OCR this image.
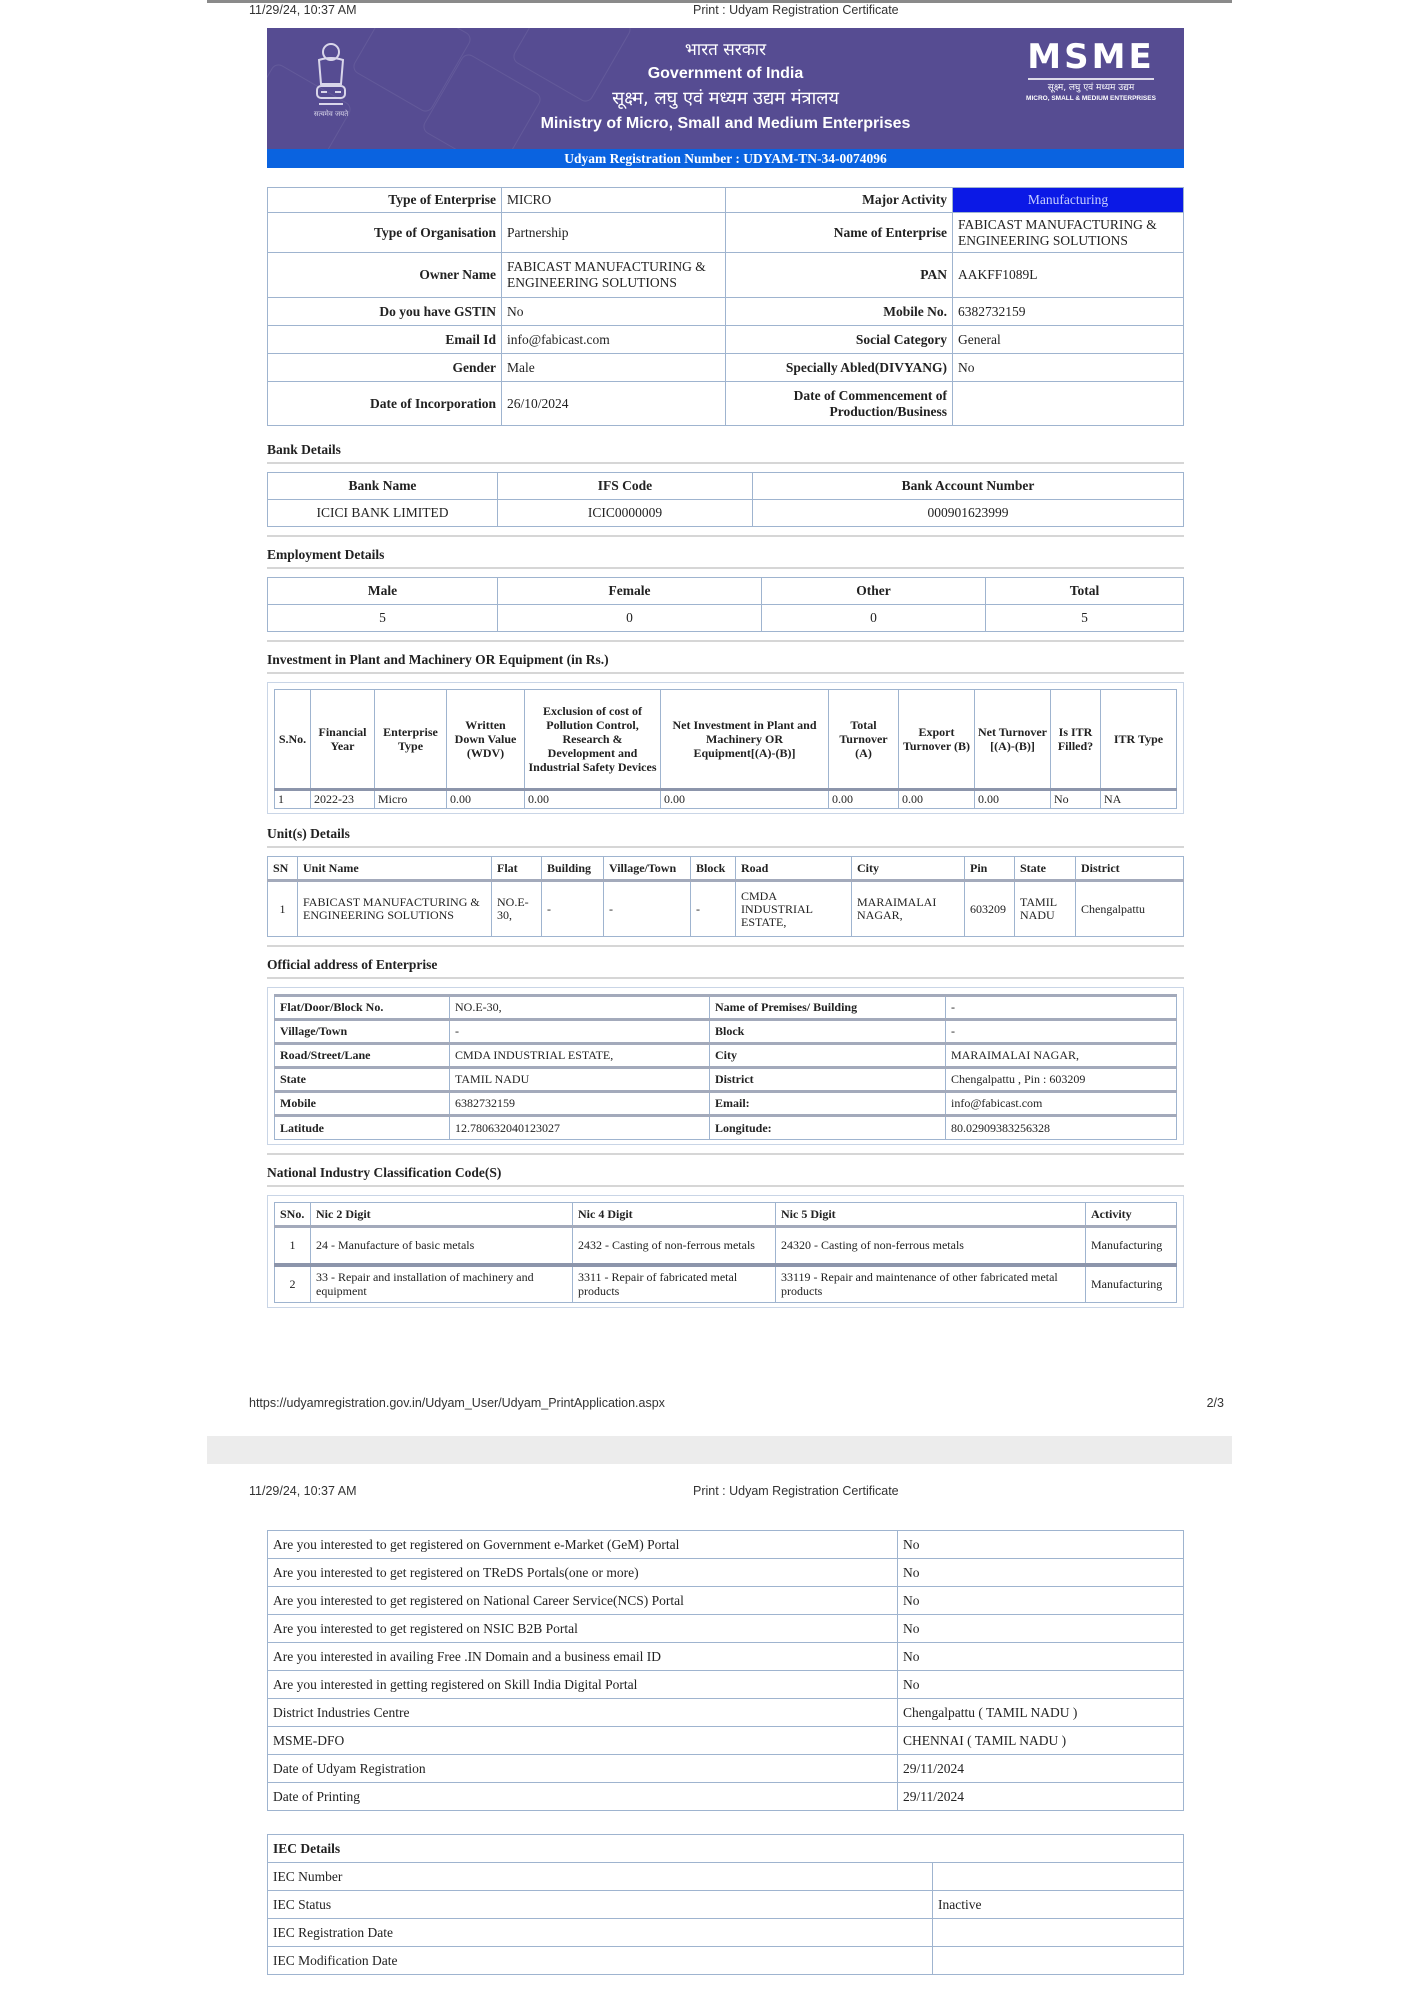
11/29/24, 10:37 AM	Print : Udyam Registration Certificate
सत्यमेव जयते
भारत सरकार
Government of India
सूक्ष्म, लघु एवं मध्यम उद्यम मंत्रालय
Ministry of Micro, Small and Medium Enterprises
MSME
सूक्ष्म, लघु एवं मध्यम उद्यम
MICRO, SMALL & MEDIUM ENTERPRISES
Udyam Registration Number : UDYAM-TN-34-0074096
Type of Enterprise	MICRO	Major Activity	Manufacturing
Type of Organisation	Partnership	Name of Enterprise	FABICAST MANUFACTURING & ENGINEERING SOLUTIONS
Owner Name	FABICAST MANUFACTURING & ENGINEERING SOLUTIONS	PAN	AAKFF1089L
Do you have GSTIN	No	Mobile No.	6382732159
Email Id	info@fabicast.com	Social Category	General
Gender	Male	Specially Abled(DIVYANG)	No
Date of Incorporation	26/10/2024	Date of Commencement of Production/Business	
Bank Details
Bank Name	IFS Code	Bank Account Number
ICICI BANK LIMITED	ICIC0000009	000901623999
Employment Details
Male	Female	Other	Total
5	0	0	5
Investment in Plant and Machinery OR Equipment (in Rs.)
S.No.	Financial Year	Enterprise Type	Written Down Value (WDV)	Exclusion of cost of Pollution Control, Research & Development and Industrial Safety Devices	Net Investment in Plant and Machinery OR Equipment[(A)-(B)]	Total Turnover (A)	Export Turnover (B)	Net Turnover [(A)-(B)]	Is ITR Filled?	ITR Type
1	2022-23	Micro	0.00	0.00	0.00	0.00	0.00	0.00	No	NA
Unit(s) Details
SN	Unit Name	Flat	Building	Village/Town	Block	Road	City	Pin	State	District
1	FABICAST MANUFACTURING & ENGINEERING SOLUTIONS	NO.E-30,	-	-	-	CMDA INDUSTRIAL ESTATE,	MARAIMALAI NAGAR,	603209	TAMIL NADU	Chengalpattu
Official address of Enterprise
Flat/Door/Block No.	NO.E-30,	Name of Premises/ Building	-
Village/Town	-	Block	-
Road/Street/Lane	CMDA INDUSTRIAL ESTATE,	City	MARAIMALAI NAGAR,
State	TAMIL NADU	District	Chengalpattu , Pin : 603209
Mobile	6382732159	Email:	info@fabicast.com
Latitude	12.780632040123027	Longitude:	80.02909383256328
National Industry Classification Code(S)
SNo.	Nic 2 Digit	Nic 4 Digit	Nic 5 Digit	Activity
1	24 - Manufacture of basic metals	2432 - Casting of non-ferrous metals	24320 - Casting of non-ferrous metals	Manufacturing
2	33 - Repair and installation of machinery and equipment	3311 - Repair of fabricated metal products	33119 - Repair and maintenance of other fabricated metal products	Manufacturing
https://udyamregistration.gov.in/Udyam_User/Udyam_PrintApplication.aspx	2/3
11/29/24, 10:37 AM	Print : Udyam Registration Certificate
Are you interested to get registered on Government e-Market (GeM) Portal	No
Are you interested to get registered on TReDS Portals(one or more)	No
Are you interested to get registered on National Career Service(NCS) Portal	No
Are you interested to get registered on NSIC B2B Portal	No
Are you interested in availing Free .IN Domain and a business email ID	No
Are you interested in getting registered on Skill India Digital Portal	No
District Industries Centre	Chengalpattu ( TAMIL NADU )
MSME-DFO	CHENNAI ( TAMIL NADU )
Date of Udyam Registration	29/11/2024
Date of Printing	29/11/2024
IEC Details	
IEC Number	
IEC Status	Inactive
IEC Registration Date	
IEC Modification Date	
